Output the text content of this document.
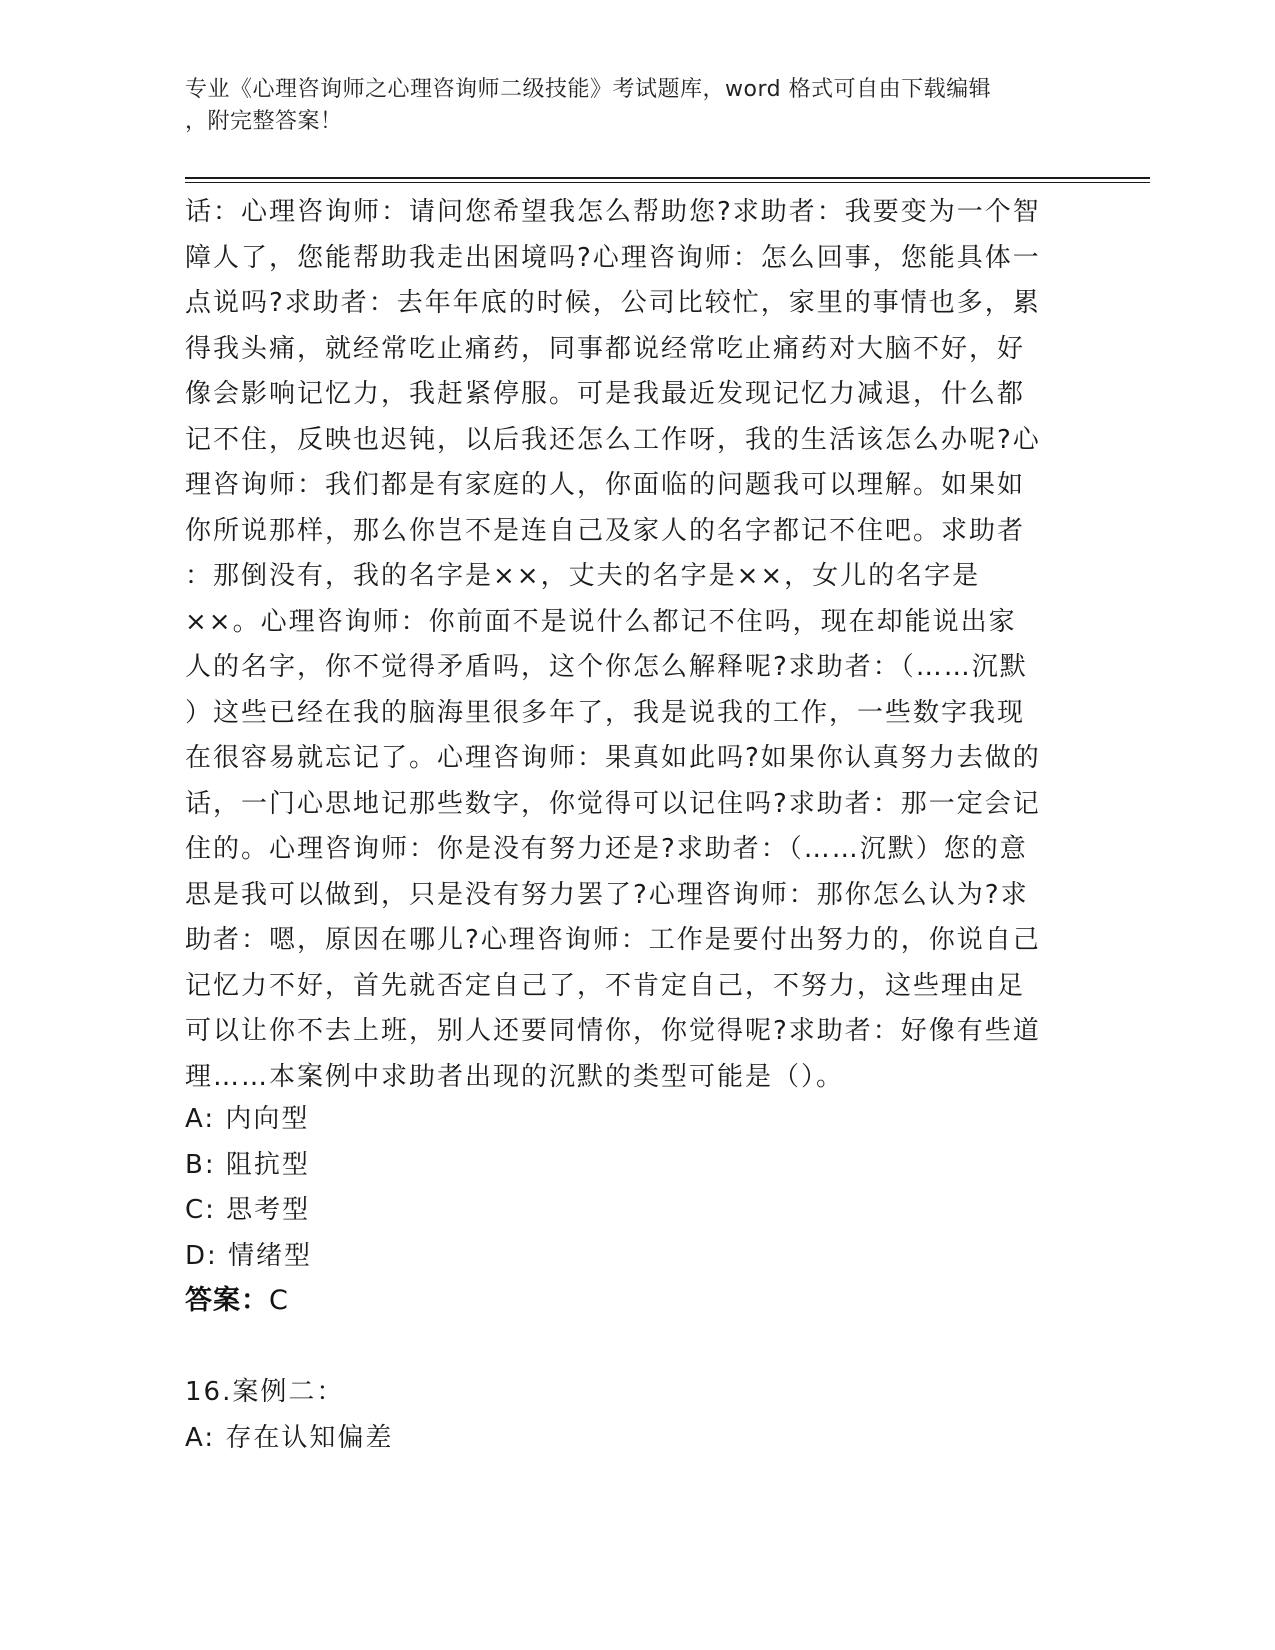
专业《心理咨询师之心理咨询师二级技能》考试题库，word 格式可自由下载编辑
，附完整答案！
话：心理咨询师：请问您希望我怎么帮助您?求助者：我要变为一个智
障人了，您能帮助我走出困境吗?心理咨询师：怎么回事，您能具体一
点说吗?求助者：去年年底的时候，公司比较忙，家里的事情也多，累
得我头痛，就经常吃止痛药，同事都说经常吃止痛药对大脑不好，好
像会影响记忆力，我赶紧停服。可是我最近发现记忆力减退，什么都
记不住，反映也迟钝，以后我还怎么工作呀，我的生活该怎么办呢?心
理咨询师：我们都是有家庭的人，你面临的问题我可以理解。如果如
你所说那样，那么你岂不是连自己及家人的名字都记不住吧。求助者
：那倒没有，我的名字是××，丈夫的名字是××，女儿的名字是
××。心理咨询师：你前面不是说什么都记不住吗，现在却能说出家
人的名字，你不觉得矛盾吗，这个你怎么解释呢?求助者：（……沉默
）这些已经在我的脑海里很多年了，我是说我的工作，一些数字我现
在很容易就忘记了。心理咨询师：果真如此吗?如果你认真努力去做的
话，一门心思地记那些数字，你觉得可以记住吗?求助者：那一定会记
住的。心理咨询师：你是没有努力还是?求助者：（……沉默）您的意
思是我可以做到，只是没有努力罢了?心理咨询师：那你怎么认为?求
助者：嗯，原因在哪儿?心理咨询师：工作是要付出努力的，你说自己
记忆力不好，首先就否定自己了，不肯定自己，不努力，这些理由足
可以让你不去上班，别人还要同情你，你觉得呢?求助者：好像有些道
理……本案例中求助者出现的沉默的类型可能是（）。
A: 内向型
B: 阻抗型
C: 思考型
D: 情绪型
答案：C
16.案例二：
A: 存在认知偏差
